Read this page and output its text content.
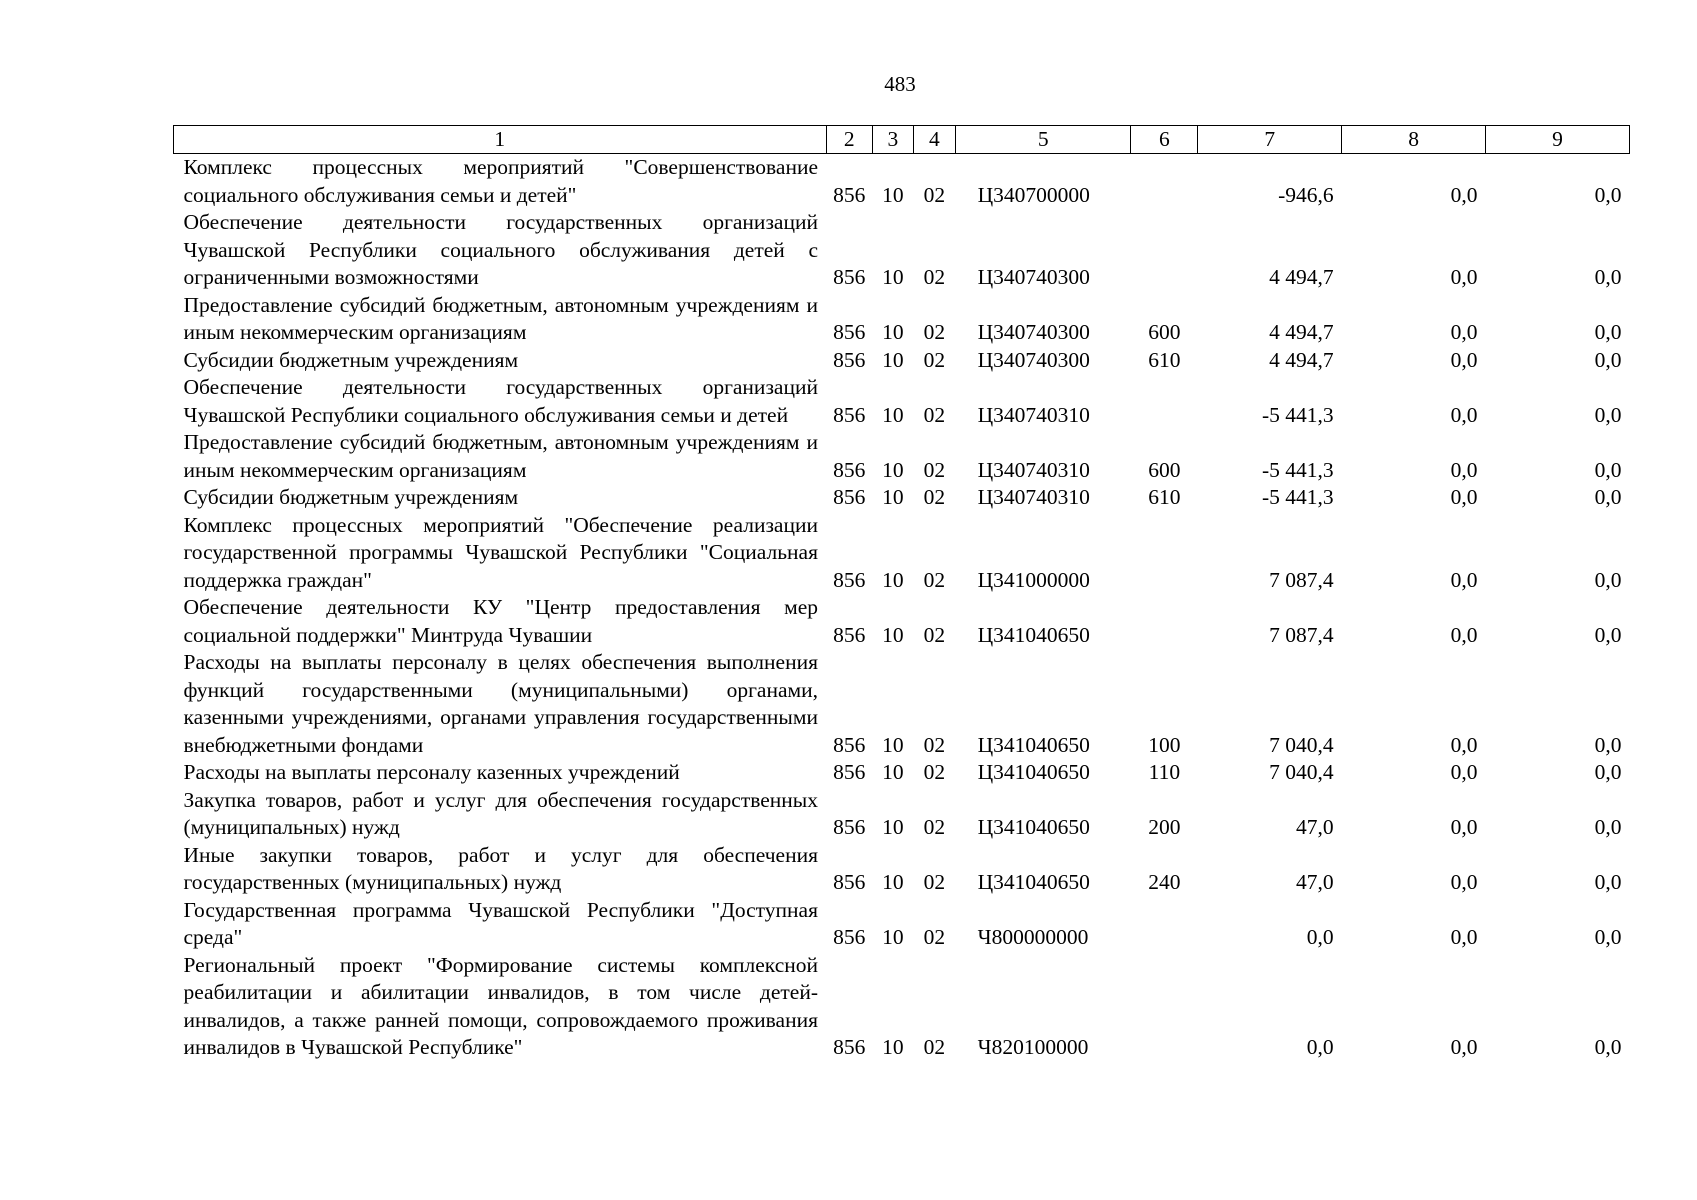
483
1	2	3	4	5	6	7	8	9
Комплекс процессных мероприятий "Совершенствование социального обслуживания семьи и детей"	856	10	02	Ц340700000		-946,6	0,0	0,0
Обеспечение деятельности государственных организаций Чувашской Республики социального обслуживания детей с ограниченными возможностями	856	10	02	Ц340740300		4 494,7	0,0	0,0
Предоставление субсидий бюджетным, автономным учреждениям и иным некоммерческим организациям	856	10	02	Ц340740300	600	4 494,7	0,0	0,0
Субсидии бюджетным учреждениям	856	10	02	Ц340740300	610	4 494,7	0,0	0,0
Обеспечение деятельности государственных организаций Чувашской Республики социального обслуживания семьи и детей	856	10	02	Ц340740310		-5 441,3	0,0	0,0
Предоставление субсидий бюджетным, автономным учреждениям и иным некоммерческим организациям	856	10	02	Ц340740310	600	-5 441,3	0,0	0,0
Субсидии бюджетным учреждениям	856	10	02	Ц340740310	610	-5 441,3	0,0	0,0
Комплекс процессных мероприятий "Обеспечение реализации государственной программы Чувашской Республики "Социальная поддержка граждан"	856	10	02	Ц341000000		7 087,4	0,0	0,0
Обеспечение деятельности КУ "Центр предоставления мер социальной поддержки" Минтруда Чувашии	856	10	02	Ц341040650		7 087,4	0,0	0,0
Расходы на выплаты персоналу в целях обеспечения выполнения функций государственными (муниципальными) органами, казенными учреждениями, органами управления государственными внебюджетными фондами	856	10	02	Ц341040650	100	7 040,4	0,0	0,0
Расходы на выплаты персоналу казенных учреждений	856	10	02	Ц341040650	110	7 040,4	0,0	0,0
Закупка товаров, работ и услуг для обеспечения государственных (муниципальных) нужд	856	10	02	Ц341040650	200	47,0	0,0	0,0
Иные закупки товаров, работ и услуг для обеспечения государственных (муниципальных) нужд	856	10	02	Ц341040650	240	47,0	0,0	0,0
Государственная программа Чувашской Республики "Доступная среда"	856	10	02	Ч800000000		0,0	0,0	0,0
Региональный проект "Формирование системы комплексной реабилитации и абилитации инвалидов, в том числе детей-инвалидов, а также ранней помощи, сопровождаемого проживания инвалидов в Чувашской Республике"	856	10	02	Ч820100000		0,0	0,0	0,0
